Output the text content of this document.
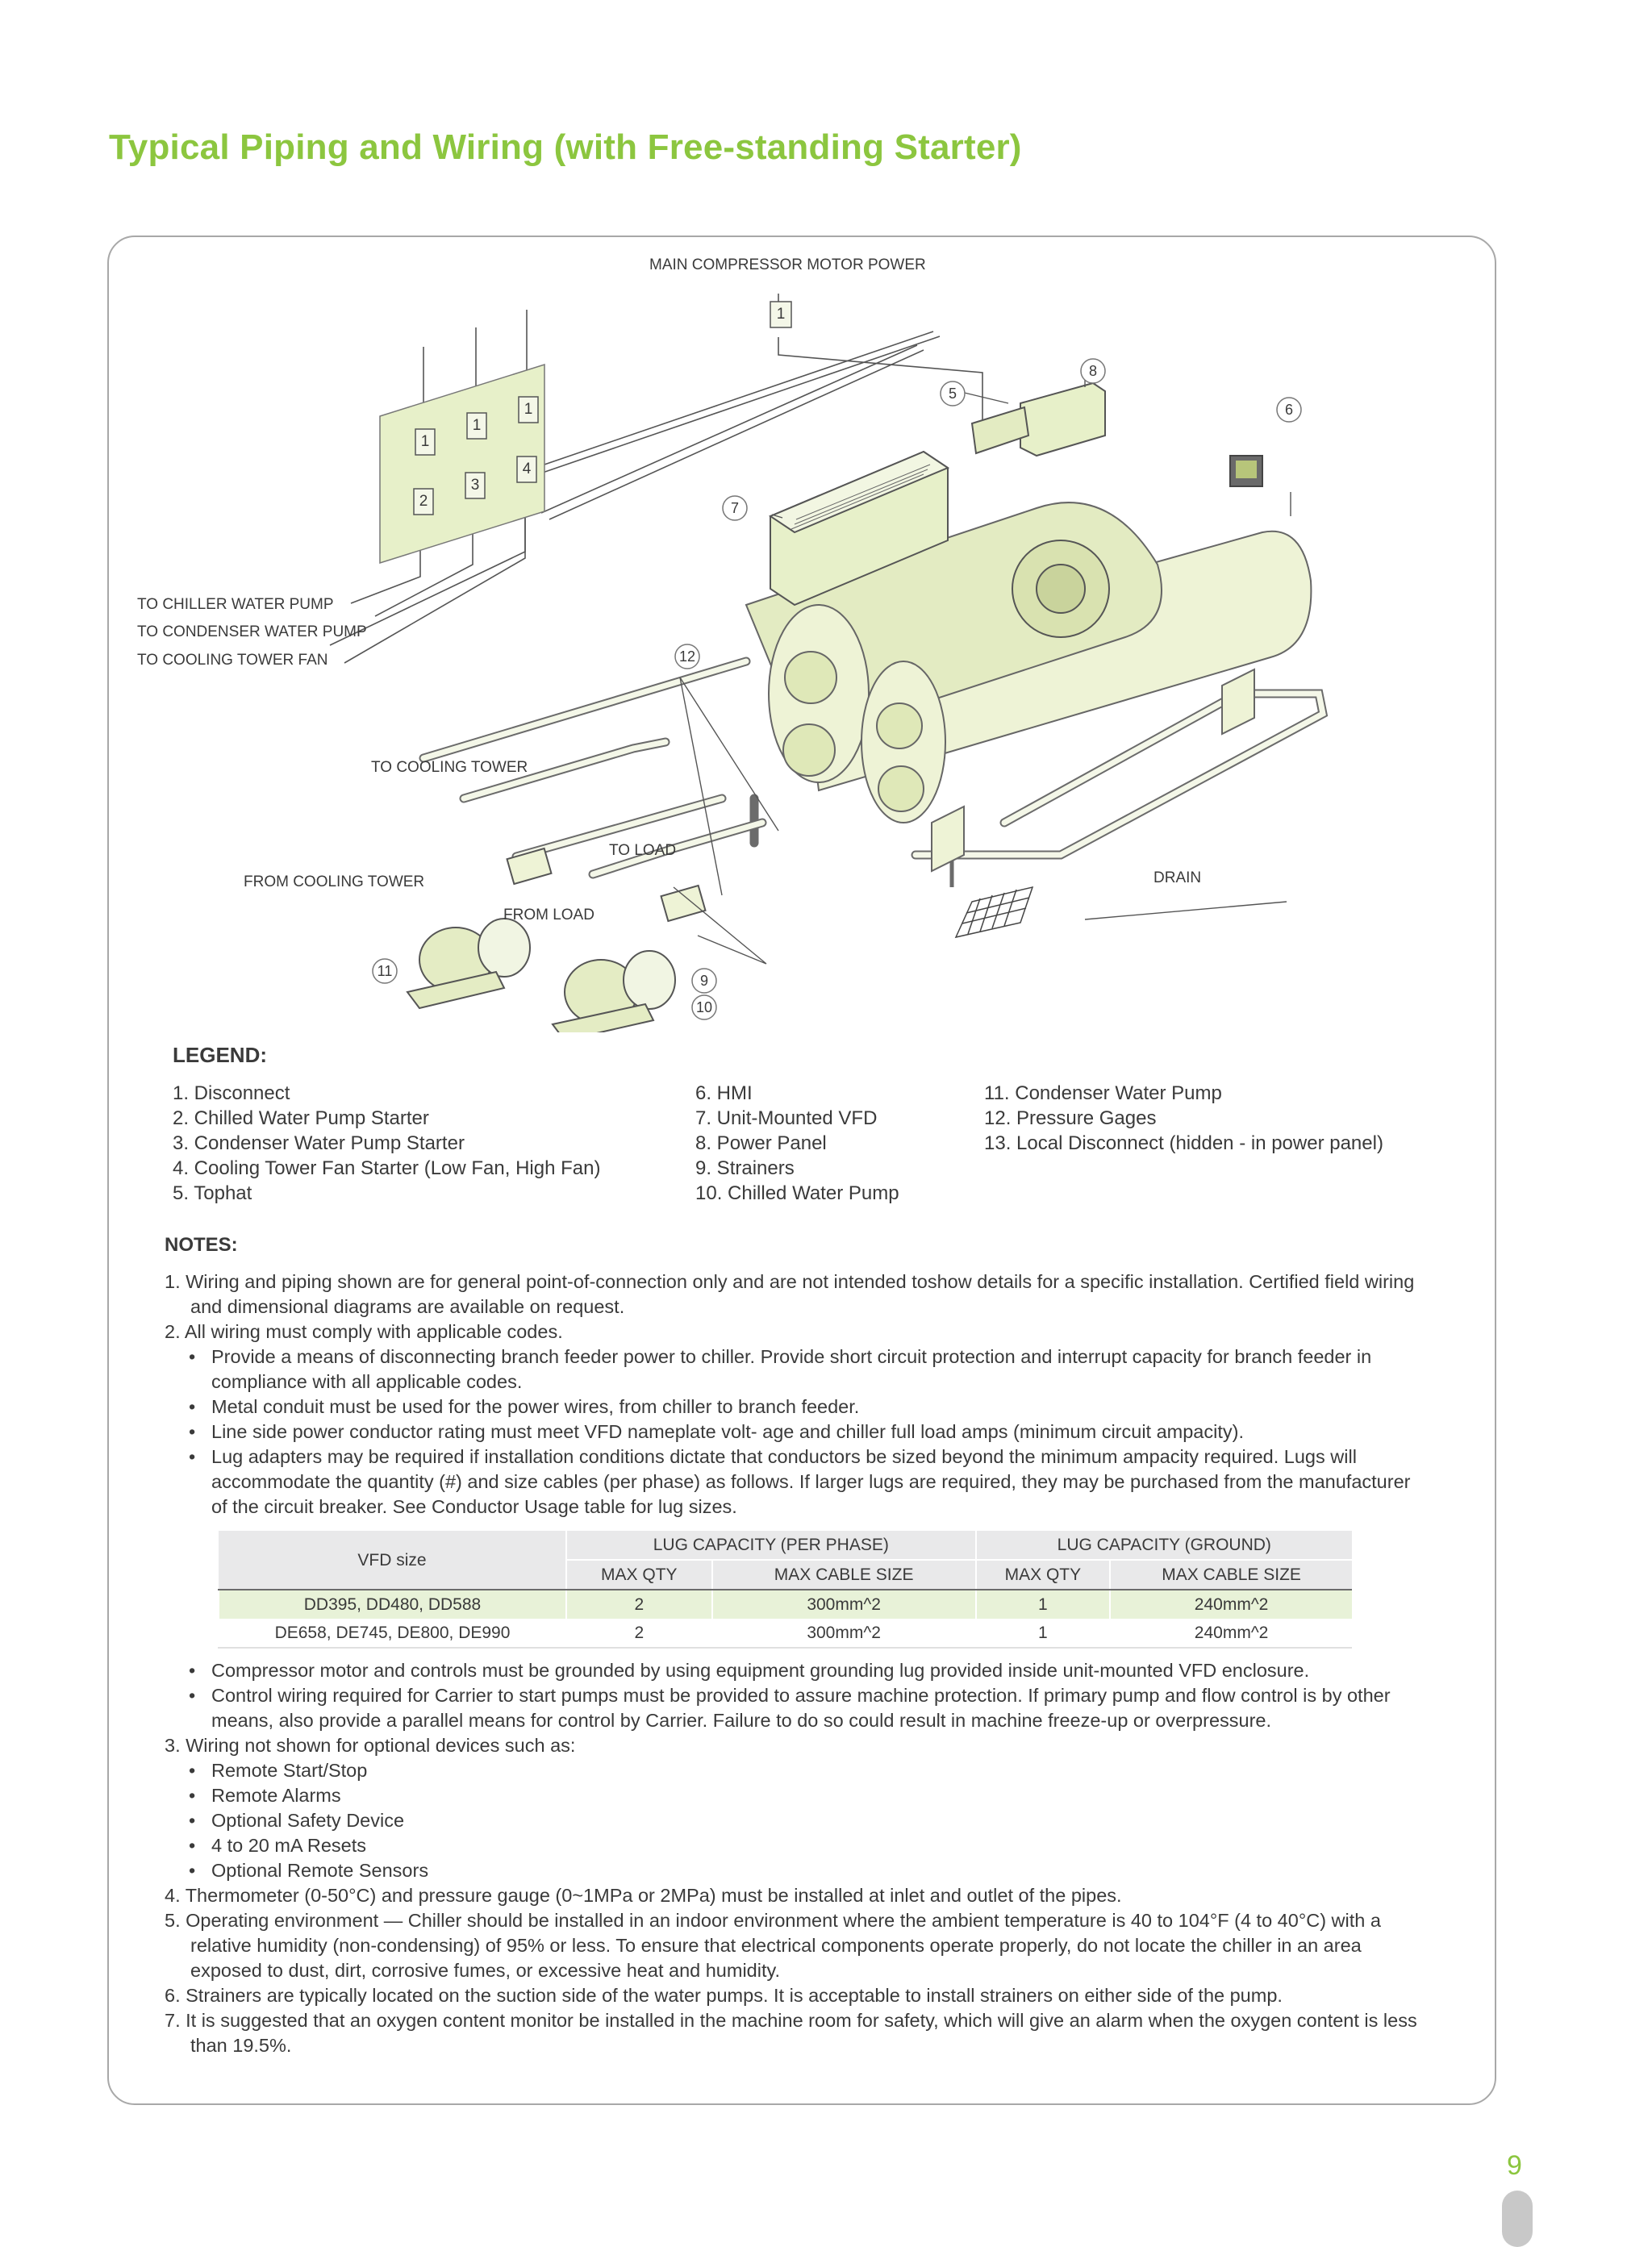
Typical Piping and Wiring (with Free-standing Starter)
1
1
1
2
3
4
1
5
6
8
7
12
10
11
9
MAIN COMPRESSOR MOTOR POWER
TO CHILLER WATER PUMP
TO CONDENSER WATER PUMP
TO COOLING TOWER FAN
TO COOLING TOWER
TO LOAD
FROM COOLING TOWER
FROM LOAD
DRAIN
LEGEND:
1. Disconnect
2. Chilled Water Pump Starter
3. Condenser Water Pump Starter
4. Cooling Tower Fan Starter (Low Fan, High Fan)
5. Tophat
6. HMI
7. Unit-Mounted VFD
8. Power Panel
9. Strainers
10. Chilled Water Pump
11. Condenser Water Pump
12. Pressure Gages
13. Local Disconnect (hidden - in power panel)
NOTES:

1. Wiring and piping shown are for general point-of-connection only and are not intended toshow details for a specific installation. Certified field wiring and dimensional diagrams are available on request.

2. All wiring must comply with applicable codes.

• Provide a means of disconnecting branch feeder power to chiller. Provide short circuit protection and interrupt capacity for branch feeder in compliance with all applicable codes.

• Metal conduit must be used for the power wires, from chiller to branch feeder.

• Line side power conductor rating must meet VFD nameplate volt- age and chiller full load amps (minimum circuit ampacity).

• Lug adapters may be required if installation conditions dictate that conductors be sized beyond the minimum ampacity required. Lugs will accommodate the quantity (#) and size cables (per phase) as follows. If larger lugs are required, they may be purchased from the manufacturer of the circuit breaker. See Conductor Usage table for lug sizes.

VFD size	LUG CAPACITY (PER PHASE)		LUG CAPACITY (GROUND)	
	MAX QTY	MAX CABLE SIZE	MAX QTY	MAX CABLE SIZE
DD395, DD480, DD588	2	300mm^2	1	240mm^2
DE658, DE745, DE800, DE990	2	300mm^2	1	240mm^2

• Compressor motor and controls must be grounded by using equipment grounding lug provided inside unit-mounted VFD enclosure.

• Control wiring required for Carrier to start pumps must be provided to assure machine protection. If primary pump and flow control is by other means, also provide a parallel means for control by Carrier. Failure to do so could result in machine freeze-up or overpressure.

3. Wiring not shown for optional devices such as:

• Remote Start/Stop

• Remote Alarms

• Optional Safety Device

• 4 to 20 mA Resets

• Optional Remote Sensors

4. Thermometer (0-50°C) and pressure gauge (0~1MPa or 2MPa) must be installed at inlet and outlet of the pipes.

5. Operating environment — Chiller should be installed in an indoor environment where the ambient temperature is 40 to 104°F (4 to 40°C) with a relative humidity (non-condensing) of 95% or less. To ensure that electrical components operate properly, do not locate the chiller in an area exposed to dust, dirt, corrosive fumes, or excessive heat and humidity.

6. Strainers are typically located on the suction side of the water pumps. It is acceptable to install strainers on either side of the pump.

7. It is suggested that an oxygen content monitor be installed in the machine room for safety, which will give an alarm when the oxygen content is less than 19.5%.

9
